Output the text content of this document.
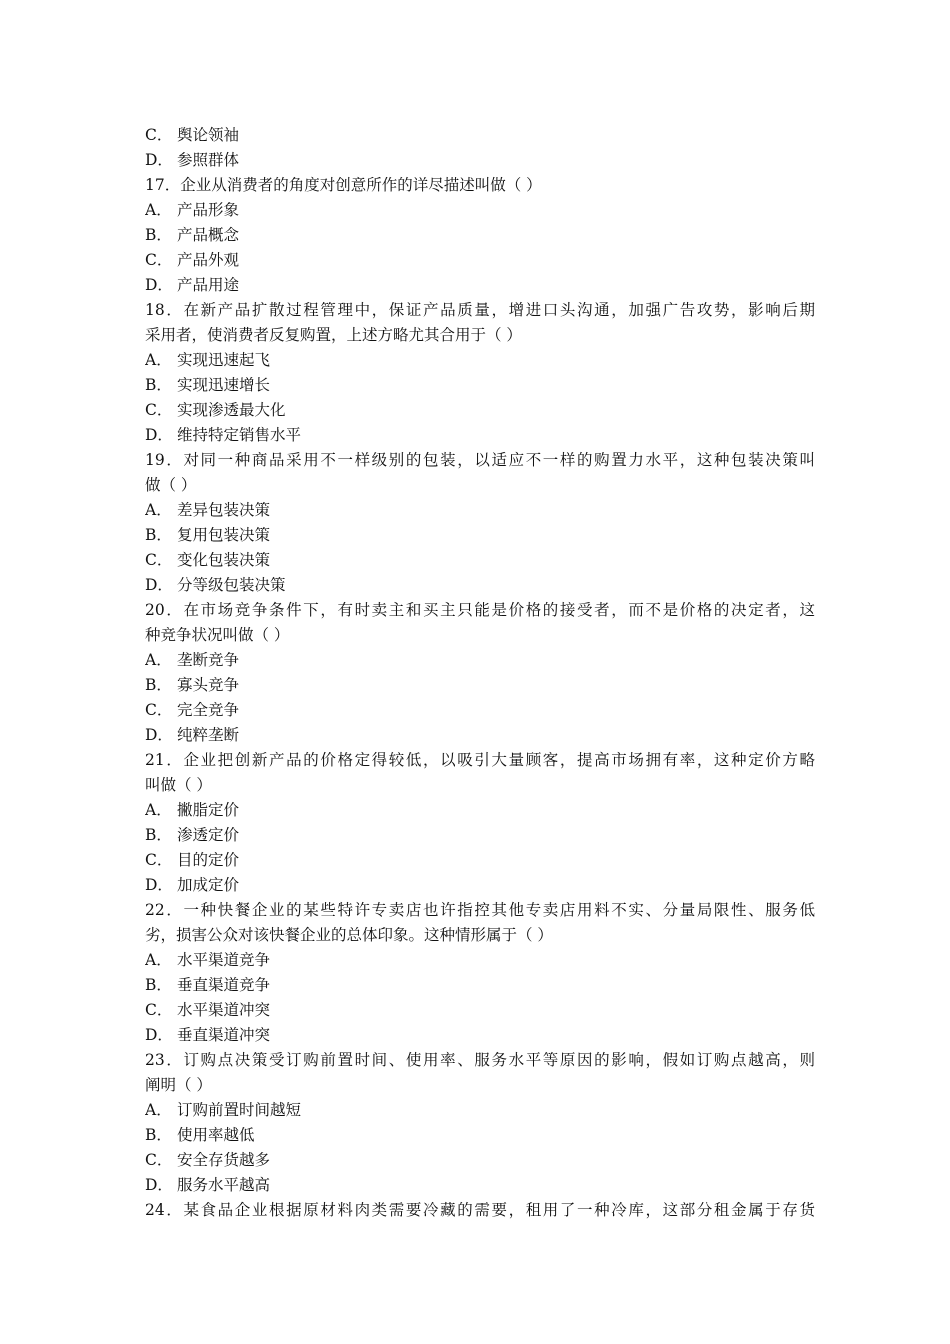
C． 舆论领袖
D． 参照群体
17．企业从消费者的角度对创意所作的详尽描述叫做（ ）
A． 产品形象
B． 产品概念
C． 产品外观
D． 产品用途
18．在新产品扩散过程管理中，保证产品质量，增进口头沟通，加强广告攻势，影响后期
采用者，使消费者反复购置，上述方略尤其合用于（ ）
A． 实现迅速起飞
B． 实现迅速增长
C． 实现渗透最大化
D． 维持特定销售水平
19．对同一种商品采用不一样级别的包装，以适应不一样的购置力水平，这种包装决策叫
做（ ）
A． 差异包装决策
B． 复用包装决策
C． 变化包装决策
D． 分等级包装决策
20．在市场竞争条件下，有时卖主和买主只能是价格的接受者，而不是价格的决定者，这
种竞争状况叫做（ ）
A． 垄断竞争
B． 寡头竞争
C． 完全竞争
D． 纯粹垄断
21．企业把创新产品的价格定得较低，以吸引大量顾客，提高市场拥有率，这种定价方略
叫做（ ）
A． 撇脂定价
B． 渗透定价
C． 目的定价
D． 加成定价
22．一种快餐企业的某些特许专卖店也许指控其他专卖店用料不实、分量局限性、服务低
劣，损害公众对该快餐企业的总体印象。这种情形属于（ ）
A． 水平渠道竞争
B． 垂直渠道竞争
C． 水平渠道冲突
D． 垂直渠道冲突
23．订购点决策受订购前置时间、使用率、服务水平等原因的影响，假如订购点越高，则
阐明（ ）
A． 订购前置时间越短
B． 使用率越低
C． 安全存货越多
D． 服务水平越高
24．某食品企业根据原材料肉类需要冷藏的需要，租用了一种冷库，这部分租金属于存货
